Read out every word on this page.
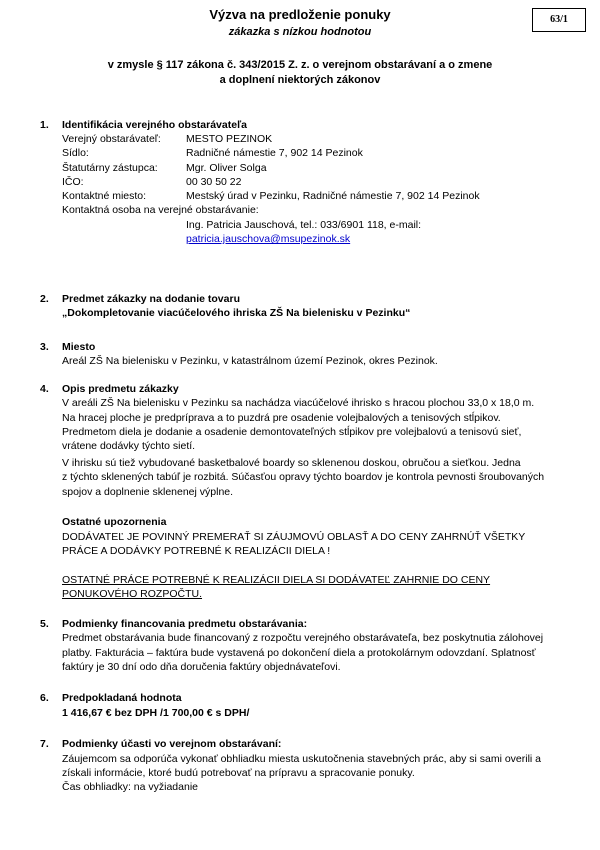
Výzva na predloženie ponuky
zákazka s nízkou hodnotou
63/1
v zmysle § 117 zákona č. 343/2015 Z. z. o verejnom obstarávaní a o zmene
a doplnení niektorých zákonov
1. Identifikácia verejného obstarávateľa
Verejný obstarávateľ: MESTO PEZINOK
Sídlo:	Radničné námestie 7, 902 14 Pezinok
Štatutárny zástupca:	Mgr. Oliver Solga
IČO:	00 30 50 22
Kontaktné miesto:	Mestský úrad v Pezinku, Radničné námestie 7, 902 14 Pezinok
Kontaktná osoba na verejné obstarávanie:
Ing. Patricia Jauschová, tel.: 033/6901 118, e-mail:
patricia.jauschova@msupezinok.sk
2. Predmet zákazky na dodanie tovaru
„Dokompletovanie viacúčelového ihriska ZŠ Na bielenisku v Pezinku“
3. Miesto
Areál ZŠ Na bielenisku v Pezinku, v katastrálnom území Pezinok, okres Pezinok.
4. Opis predmetu zákazky
V areáli ZŠ Na bielenisku v Pezinku sa nachádza viacúčelové ihrisko s hracou plochou 33,0 x 18,0 m.
Na hracej ploche je predpríprava a to puzdrá pre osadenie volejbalových a tenisových stĺpikov.
Predmetom diela je dodanie a osadenie demontovateľných stĺpikov pre volejbalovú a tenisovú sieť,
vrátene dodávky týchto sietí.
V ihrisku sú tiež vybudované basketbalové boardy so sklenenou doskou, obručou a sieťkou. Jedna
z týchto sklenených tabúľ je rozbitá. Súčasťou opravy týchto boardov je kontrola pevnosti šroubovaných
spojov a doplnenie sklenenej výplne.
Ostatné upozornenia
DODÁVATEĽ JE POVINNÝ PREMERAŤ SI ZÁUJMOVÚ OBLASŤ A DO CENY ZAHRNÚŤ VŠETKY
PRÁCE A DODÁVKY POTREBNÉ K REALIZÁCII DIELA !
OSTATNÉ PRÁCE POTREBNÉ K REALIZÁCII DIELA SI DODÁVATEĽ ZAHRNIE DO CENY
PONUKOVÉHO ROZPOČTU.
5. Podmienky financovania predmetu obstarávania:
Predmet obstarávania bude financovaný z rozpočtu verejného obstarávateľa, bez poskytnutia zálohovej
platby. Fakturácia – faktúra bude vystavená po dokončení diela a protokolárnym odovzdaní. Splatnosť
faktúry je 30 dní odo dňa doručenia faktúry objednávateľovi.
6. Predpokladaná hodnota
1 416,67 € bez DPH /1 700,00 € s DPH/
7. Podmienky účasti vo verejnom obstarávaní:
Záujemcom sa odporúča vykonať obhliadku miesta uskutočnenia stavebných prác, aby si sami overili a
získali informácie, ktoré budú potrebovať na prípravu a spracovanie ponuky.
Čas obhliadky: na vyžiadanie
